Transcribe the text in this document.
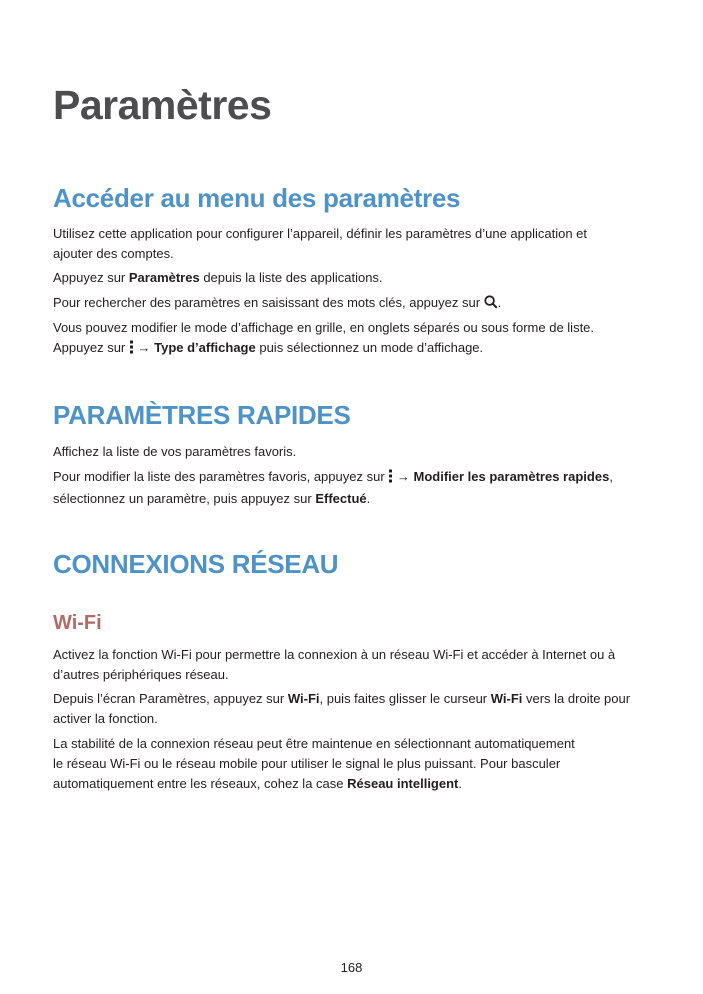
Paramètres
Accéder au menu des paramètres
Utilisez cette application pour configurer l’appareil, définir les paramètres d’une application et
ajouter des comptes.
Appuyez sur Paramètres depuis la liste des applications.
Pour rechercher des paramètres en saisissant des mots clés, appuyez sur .
Vous pouvez modifier le mode d’affichage en grille, en onglets séparés ou sous forme de liste.
Appuyez sur  → Type d’affichage puis sélectionnez un mode d’affichage.
PARAMÈTRES RAPIDES
Affichez la liste de vos paramètres favoris.
Pour modifier la liste des paramètres favoris, appuyez sur  → Modifier les paramètres rapides,
sélectionnez un paramètre, puis appuyez sur Effectué.
CONNEXIONS RÉSEAU
Wi-Fi
Activez la fonction Wi-Fi pour permettre la connexion à un réseau Wi-Fi et accéder à Internet ou à
d’autres périphériques réseau.
Depuis l’écran Paramètres, appuyez sur Wi-Fi, puis faites glisser le curseur Wi-Fi vers la droite pour
activer la fonction.
La stabilité de la connexion réseau peut être maintenue en sélectionnant automatiquement
le réseau Wi-Fi ou le réseau mobile pour utiliser le signal le plus puissant. Pour basculer
automatiquement entre les réseaux, cohez la case Réseau intelligent.
168
